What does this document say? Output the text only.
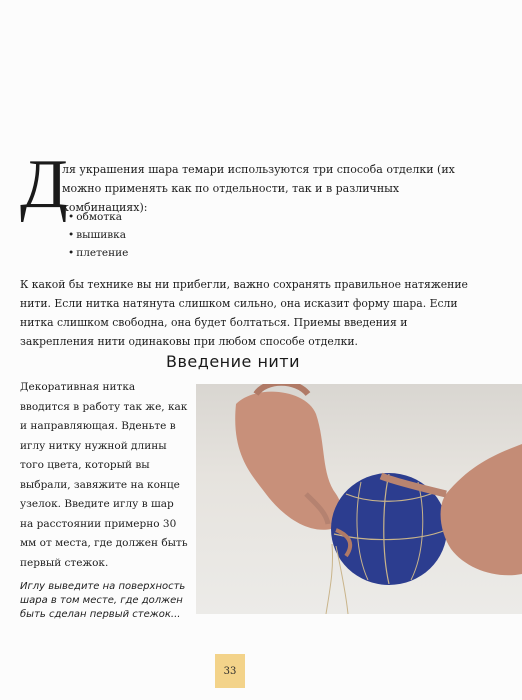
Д
ля украшения шара темари используются три способа отделки (их можно применять как по отдельности, так и в различных комбинациях):
• обмотка
• вышивка
• плетение
К какой бы технике вы ни прибегли, важно сохранять правильное натяжение нити. Если нитка натянута слишком сильно, она исказит форму шара. Если нитка слишком свободна, она будет болтаться. Приемы введения и закрепления нити одинаковы при любом способе отделки.
Введение нити
Декоративная нитка вводится в работу так же, как и направляющая. Вденьте в иглу нитку нужной длины того цвета, который вы выбрали, завяжите на конце узелок. Введите иглу в шар на расстоянии примерно 30 мм от места, где должен быть первый стежок.
Иглу выведите на поверхность шара в том месте, где должен быть сделан первый стежок...
33
